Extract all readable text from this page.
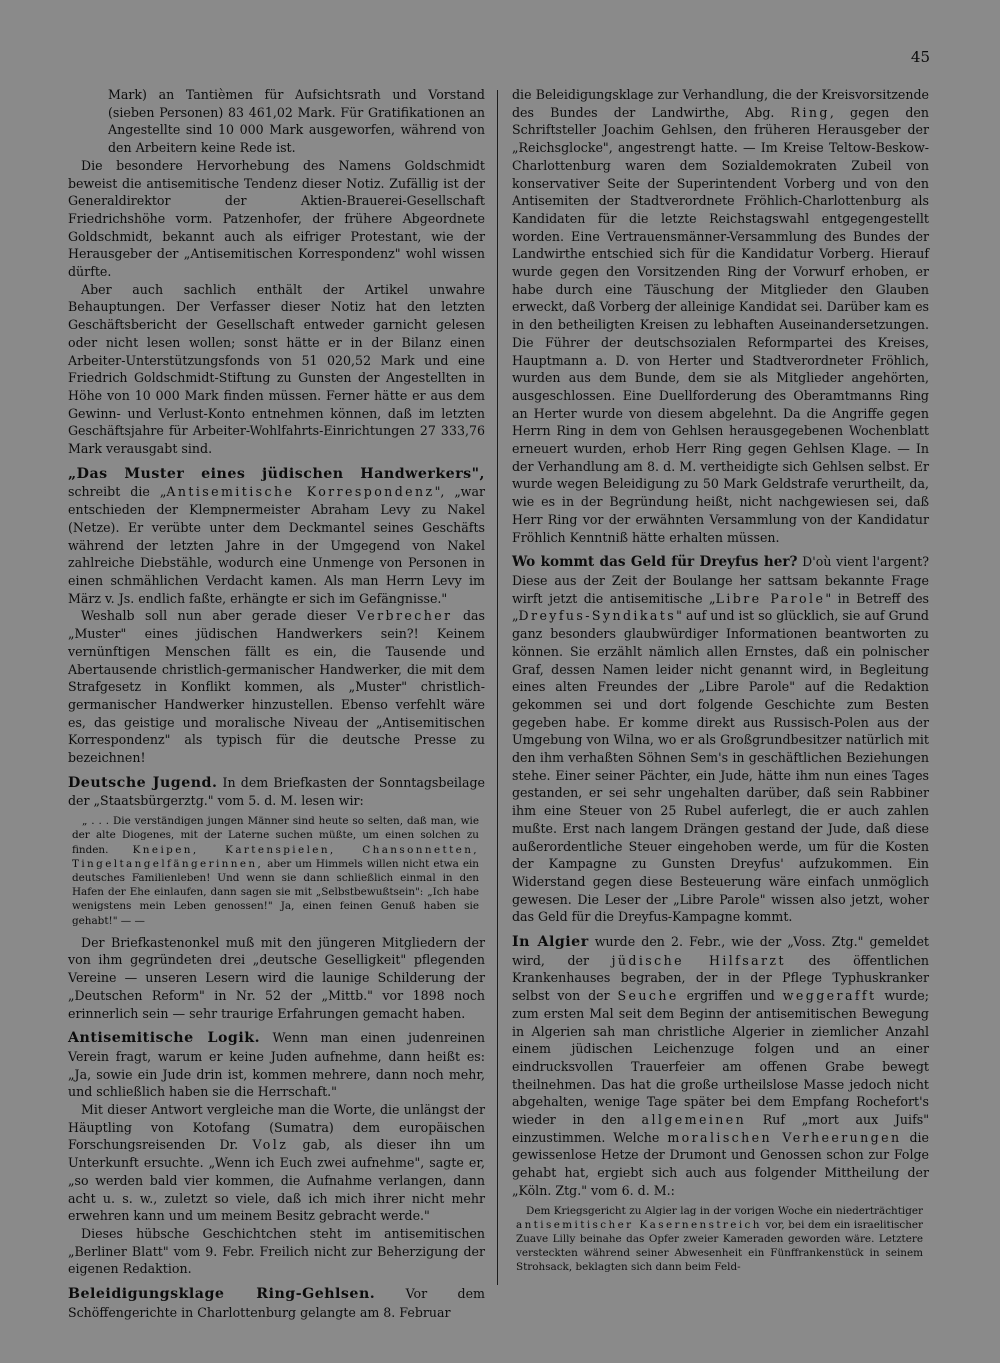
45

Mark) an Tantièmen für Aufsichtsrath und Vorstand (sieben Personen) 83 461,02 Mark. Für Gratifikationen an Angestellte sind 10 000 Mark ausgeworfen, während von den Arbeitern keine Rede ist.

Die besondere Hervorhebung des Namens Goldschmidt beweist die antisemitische Tendenz dieser Notiz. Zufällig ist der Generaldirektor der Aktien-Brauerei-Gesellschaft Friedrichshöhe vorm. Patzenhofer, der frühere Abgeordnete Goldschmidt, bekannt auch als eifriger Protestant, wie der Herausgeber der „Antisemitischen Korrespondenz" wohl wissen dürfte.

Aber auch sachlich enthält der Artikel unwahre Behauptungen. Der Verfasser dieser Notiz hat den letzten Geschäftsbericht der Gesellschaft entweder garnicht gelesen oder nicht lesen wollen; sonst hätte er in der Bilanz einen Arbeiter-Unterstützungsfonds von 51 020,52 Mark und eine Friedrich Goldschmidt-Stiftung zu Gunsten der Angestellten in Höhe von 10 000 Mark finden müssen. Ferner hätte er aus dem Gewinn- und Verlust-Konto entnehmen können, daß im letzten Geschäftsjahre für Arbeiter-Wohlfahrts-Einrichtungen 27 333,76 Mark verausgabt sind.

„Das Muster eines jüdischen Handwerkers", schreibt die „Antisemitische Korrespondenz", „war entschieden der Klempnermeister Abraham Levy zu Nakel (Netze). Er verübte unter dem Deckmantel seines Geschäfts während der letzten Jahre in der Umgegend von Nakel zahlreiche Diebstähle, wodurch eine Unmenge von Personen in einen schmählichen Verdacht kamen. Als man Herrn Levy im März v. Js. endlich faßte, erhängte er sich im Gefängnisse."

Weshalb soll nun aber gerade dieser Verbrecher das „Muster" eines jüdischen Handwerkers sein?! Keinem vernünftigen Menschen fällt es ein, die Tausende und Abertausende christlich-germanischer Handwerker, die mit dem Strafgesetz in Konflikt kommen, als „Muster" christlich-germanischer Handwerker hinzustellen. Ebenso verfehlt wäre es, das geistige und moralische Niveau der „Antisemitischen Korrespondenz" als typisch für die deutsche Presse zu bezeichnen!

Deutsche Jugend. In dem Briefkasten der Sonntagsbeilage der „Staatsbürgerztg." vom 5. d. M. lesen wir:

„ . . . Die verständigen jungen Männer sind heute so selten, daß man, wie der alte Diogenes, mit der Laterne suchen müßte, um einen solchen zu finden. Kneipen, Kartenspielen, Chansonnetten, Tingeltangelfängerinnen, aber um Himmels willen nicht etwa ein deutsches Familienleben! Und wenn sie dann schließlich einmal in den Hafen der Ehe einlaufen, dann sagen sie mit „Selbstbewußtsein": „Ich habe wenigstens mein Leben genossen!" Ja, einen feinen Genuß haben sie gehabt!" — —

Der Briefkastenonkel muß mit den jüngeren Mitgliedern der von ihm gegründeten drei „deutsche Geselligkeit" pflegenden Vereine — unseren Lesern wird die launige Schilderung der „Deutschen Reform" in Nr. 52 der „Mittb." vor 1898 noch erinnerlich sein — sehr traurige Erfahrungen gemacht haben.

Antisemitische Logik. Wenn man einen judenreinen Verein fragt, warum er keine Juden aufnehme, dann heißt es: „Ja, sowie ein Jude drin ist, kommen mehrere, dann noch mehr, und schließlich haben sie die Herrschaft."

Mit dieser Antwort vergleiche man die Worte, die unlängst der Häuptling von Kotofang (Sumatra) dem europäischen Forschungsreisenden Dr. Volz gab, als dieser ihn um Unterkunft ersuchte. „Wenn ich Euch zwei aufnehme", sagte er, „so werden bald vier kommen, die Aufnahme verlangen, dann acht u. s. w., zuletzt so viele, daß ich mich ihrer nicht mehr erwehren kann und um meinem Besitz gebracht werde."

Dieses hübsche Geschichtchen steht im antisemitischen „Berliner Blatt" vom 9. Febr. Freilich nicht zur Beherzigung der eigenen Redaktion.

Beleidigungsklage Ring-Gehlsen. Vor dem Schöffengerichte in Charlottenburg gelangte am 8. Februar

die Beleidigungsklage zur Verhandlung, die der Kreisvorsitzende des Bundes der Landwirthe, Abg. Ring, gegen den Schriftsteller Joachim Gehlsen, den früheren Herausgeber der „Reichsglocke", angestrengt hatte. — Im Kreise Teltow-Beskow-Charlottenburg waren dem Sozialdemokraten Zubeil von konservativer Seite der Superintendent Vorberg und von den Antisemiten der Stadtverordnete Fröhlich-Charlottenburg als Kandidaten für die letzte Reichstagswahl entgegengestellt worden. Eine Vertrauensmänner-Versammlung des Bundes der Landwirthe entschied sich für die Kandidatur Vorberg. Hierauf wurde gegen den Vorsitzenden Ring der Vorwurf erhoben, er habe durch eine Täuschung der Mitglieder den Glauben erweckt, daß Vorberg der alleinige Kandidat sei. Darüber kam es in den betheiligten Kreisen zu lebhaften Auseinandersetzungen. Die Führer der deutschsozialen Reformpartei des Kreises, Hauptmann a. D. von Herter und Stadtverordneter Fröhlich, wurden aus dem Bunde, dem sie als Mitglieder angehörten, ausgeschlossen. Eine Duellforderung des Oberamtmanns Ring an Herter wurde von diesem abgelehnt. Da die Angriffe gegen Herrn Ring in dem von Gehlsen herausgegebenen Wochenblatt erneuert wurden, erhob Herr Ring gegen Gehlsen Klage. — In der Verhandlung am 8. d. M. vertheidigte sich Gehlsen selbst. Er wurde wegen Beleidigung zu 50 Mark Geldstrafe verurtheilt, da, wie es in der Begründung heißt, nicht nachgewiesen sei, daß Herr Ring vor der erwähnten Versammlung von der Kandidatur Fröhlich Kenntniß hätte erhalten müssen.

Wo kommt das Geld für Dreyfus her? D'où vient l'argent? Diese aus der Zeit der Boulange her sattsam bekannte Frage wirft jetzt die antisemitische „Libre Parole" in Betreff des „Dreyfus-Syndikats" auf und ist so glücklich, sie auf Grund ganz besonders glaubwürdiger Informationen beantworten zu können. Sie erzählt nämlich allen Ernstes, daß ein polnischer Graf, dessen Namen leider nicht genannt wird, in Begleitung eines alten Freundes der „Libre Parole" auf die Redaktion gekommen sei und dort folgende Geschichte zum Besten gegeben habe. Er komme direkt aus Russisch-Polen aus der Umgebung von Wilna, wo er als Großgrundbesitzer natürlich mit den ihm verhaßten Söhnen Sem's in geschäftlichen Beziehungen stehe. Einer seiner Pächter, ein Jude, hätte ihm nun eines Tages gestanden, er sei sehr ungehalten darüber, daß sein Rabbiner ihm eine Steuer von 25 Rubel auferlegt, die er auch zahlen mußte. Erst nach langem Drängen gestand der Jude, daß diese außerordentliche Steuer eingehoben werde, um für die Kosten der Kampagne zu Gunsten Dreyfus' aufzukommen. Ein Widerstand gegen diese Besteuerung wäre einfach unmöglich gewesen. Die Leser der „Libre Parole" wissen also jetzt, woher das Geld für die Dreyfus-Kampagne kommt.

In Algier wurde den 2. Febr., wie der „Voss. Ztg." gemeldet wird, der jüdische Hilfsarzt des öffentlichen Krankenhauses begraben, der in der Pflege Typhuskranker selbst von der Seuche ergriffen und weggerafft wurde; zum ersten Mal seit dem Beginn der antisemitischen Bewegung in Algerien sah man christliche Algerier in ziemlicher Anzahl einem jüdischen Leichenzuge folgen und an einer eindrucksvollen Trauerfeier am offenen Grabe bewegt theilnehmen. Das hat die große urtheilslose Masse jedoch nicht abgehalten, wenige Tage später bei dem Empfang Rochefort's wieder in den allgemeinen Ruf „mort aux Juifs" einzustimmen. Welche moralischen Verheerungen die gewissenlose Hetze der Drumont und Genossen schon zur Folge gehabt hat, ergiebt sich auch aus folgender Mittheilung der „Köln. Ztg." vom 6. d. M.:

Dem Kriegsgericht zu Algier lag in der vorigen Woche ein niederträchtiger antisemitischer Kasernenstreich vor, bei dem ein israelitischer Zuave Lilly beinahe das Opfer zweier Kameraden geworden wäre. Letztere versteckten während seiner Abwesenheit ein Fünffrankenstück in seinem Strohsack, beklagten sich dann beim Feld-
